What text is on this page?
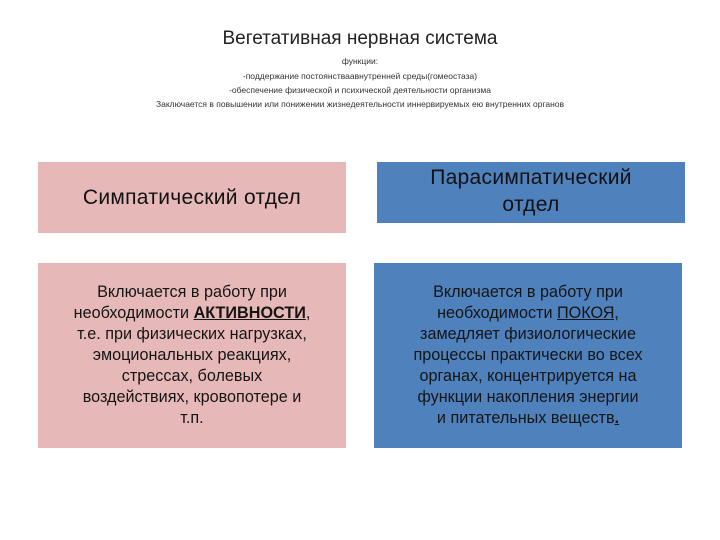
Вегетативная нервная система
функции:
-поддержание постоянстваавнутренней среды(гомеостаза)
-обеспечение физической и психической деятельности организма
Заключается в повышении или понижении жизнедеятельности иннервируемых ею внутренних органов
Симпатический отдел
Парасимпатический
отдел
Включается в работу при
необходимости АКТИВНОСТИ,
т.е. при физических нагрузках,
эмоциональных реакциях,
стрессах, болевых
воздействиях, кровопотере и
т.п.
Включается в работу при
необходимости ПОКОЯ,
замедляет физиологические
процессы практически во всех
органах, концентрируется на
функции накопления энергии
и питательных веществ.
